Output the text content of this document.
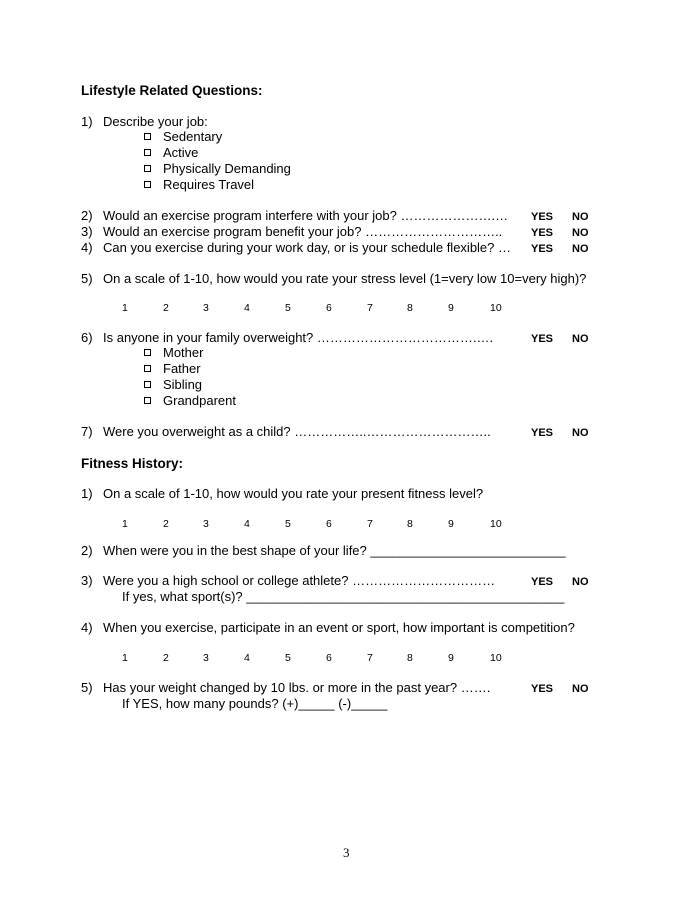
Lifestyle Related Questions:
1) Describe your job:
Sedentary
Active
Physically Demanding
Requires Travel
2) Would an exercise program interfere with your job? ………………….… YES NO
3) Would an exercise program benefit your job? …………………………..	YES NO
4) Can you exercise during your work day, or is your schedule flexible? … YES NO
5) On a scale of 1-10, how would you rate your stress level (1=very low 10=very high)?
1	2	3	4	5	6	7	8	9	10
6) Is anyone in your family overweight? ……………………………….….	YES NO
Mother
Father
Sibling
Grandparent
7) Were you overweight as a child? ……………..………………………..	YES NO
Fitness History:
1) On a scale of 1-10, how would you rate your present fitness level?
1	2	3	4	5	6	7	8	9	10
2) When were you in the best shape of your life? ___________________________
3) Were you a high school or college athlete? ……………………………	YES NO
If yes, what sport(s)? ____________________________________________
4) When you exercise, participate in an event or sport, how important is competition?
1	2	3	4	5	6	7	8	9	10
5) Has your weight changed by 10 lbs. or more in the past year? …….	YES NO
If YES, how many pounds? (+)_____ (-)_____
3
